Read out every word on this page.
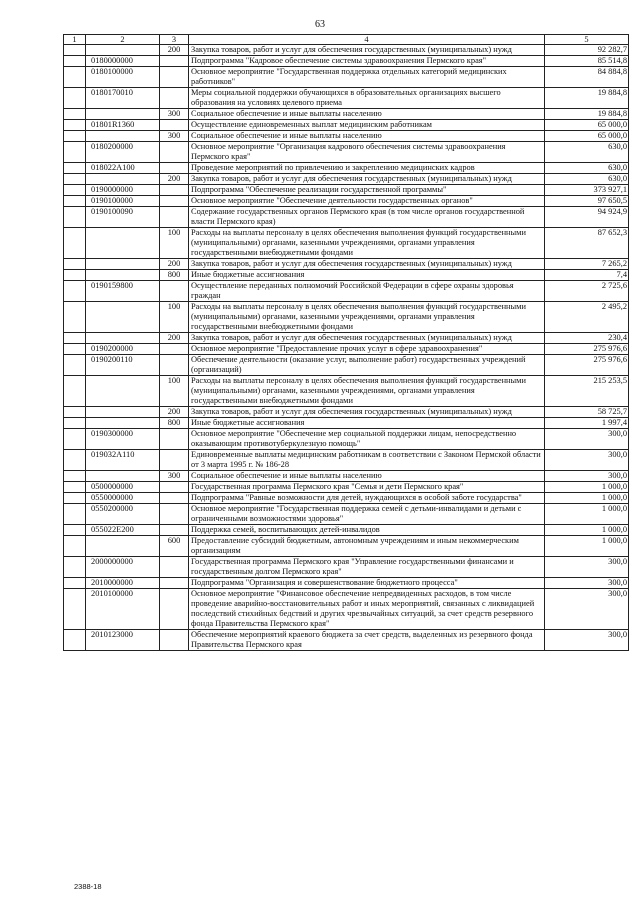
63
1	2	3	4	5
		200	Закупка товаров, работ и услуг для обеспечения государственных (муниципальных) нужд	92 282,7
	0180000000		Подпрограмма "Кадровое обеспечение системы здравоохранения Пермского края"	85 514,8
	0180100000		Основное мероприятие "Государственная поддержка отдельных категорий медицинских работников"	84 884,8
	0180170010		Меры социальной поддержки обучающихся в образовательных организациях высшего образования на условиях целевого приема	19 884,8
		300	Социальное обеспечение и иные выплаты населению	19 884,8
	01801R1360		Осуществление единовременных выплат медицинским работникам	65 000,0
		300	Социальное обеспечение и иные выплаты населению	65 000,0
	0180200000		Основное мероприятие "Организация кадрового обеспечения системы здравоохранения Пермского края"	630,0
	018022A100		Проведение мероприятий по привлечению и закреплению медицинских кадров	630,0
		200	Закупка товаров, работ и услуг для обеспечения государственных (муниципальных) нужд	630,0
	0190000000		Подпрограмма "Обеспечение реализации государственной программы"	373 927,1
	0190100000		Основное мероприятие "Обеспечение деятельности государственных органов"	97 650,5
	0190100090		Содержание государственных органов Пермского края (в том числе органов государственной власти Пермского края)	94 924,9
		100	Расходы на выплаты персоналу в целях обеспечения выполнения функций государственными (муниципальными) органами, казенными учреждениями, органами управления государственными внебюджетными фондами	87 652,3
		200	Закупка товаров, работ и услуг для обеспечения государственных (муниципальных) нужд	7 265,2
		800	Иные бюджетные ассигнования	7,4
	0190159800		Осуществление переданных полномочий Российской Федерации в сфере охраны здоровья граждан	2 725,6
		100	Расходы на выплаты персоналу в целях обеспечения выполнения функций государственными (муниципальными) органами, казенными учреждениями, органами управления государственными внебюджетными фондами	2 495,2
		200	Закупка товаров, работ и услуг для обеспечения государственных (муниципальных) нужд	230,4
	0190200000		Основное мероприятие "Предоставление прочих услуг в сфере здравоохранения"	275 976,6
	0190200110		Обеспечение деятельности (оказание услуг, выполнение работ) государственных учреждений (организаций)	275 976,6
		100	Расходы на выплаты персоналу в целях обеспечения выполнения функций государственными (муниципальными) органами, казенными учреждениями, органами управления государственными внебюджетными фондами	215 253,5
		200	Закупка товаров, работ и услуг для обеспечения государственных (муниципальных) нужд	58 725,7
		800	Иные бюджетные ассигнования	1 997,4
	0190300000		Основное мероприятие "Обеспечение мер социальной поддержки лицам, непосредственно оказывающим противотуберкулезную помощь"	300,0
	019032A110		Единовременные выплаты медицинским работникам в соответствии с Законом Пермской области от 3 марта 1995 г. № 186-28	300,0
		300	Социальное обеспечение и иные выплаты населению	300,0
	0500000000		Государственная программа Пермского края "Семья и дети Пермского края"	1 000,0
	0550000000		Подпрограмма "Равные возможности для детей, нуждающихся в особой заботе государства"	1 000,0
	0550200000		Основное мероприятие "Государственная поддержка семей с детьми-инвалидами и детьми с ограниченными возможностями здоровья"	1 000,0
	055022E200		Поддержка семей, воспитывающих детей-инвалидов	1 000,0
		600	Предоставление субсидий бюджетным, автономным учреждениям и иным некоммерческим организациям	1 000,0
	2000000000		Государственная программа Пермского края "Управление государственными финансами и государственным долгом Пермского края"	300,0
	2010000000		Подпрограмма "Организация и совершенствование бюджетного процесса"	300,0
	2010100000		Основное мероприятие "Финансовое обеспечение непредвиденных расходов, в том числе проведение аварийно-восстановительных работ и иных мероприятий, связанных с ликвидацией последствий стихийных бедствий и других чрезвычайных ситуаций, за счет средств резервного фонда Правительства Пермского края"	300,0
	2010123000		Обеспечение мероприятий краевого бюджета за счет средств, выделенных из резервного фонда Правительства Пермского края	300,0
2388-18
